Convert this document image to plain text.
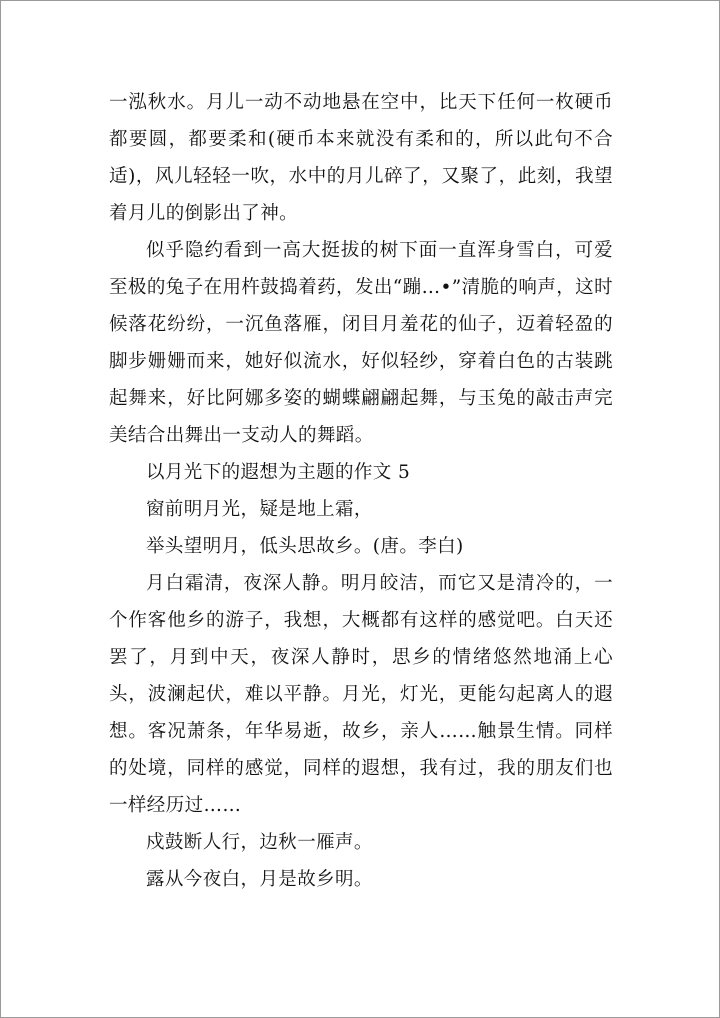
一泓秋水。月儿一动不动地悬在空中，比天下任何一枚硬币都要圆，都要柔和(硬币本来就没有柔和的，所以此句不合适)，风儿轻轻一吹，水中的月儿碎了，又聚了，此刻，我望着月儿的倒影出了神。

似乎隐约看到一高大挺拔的树下面一直浑身雪白，可爱至极的兔子在用杵鼓捣着药，发出“蹦…•”清脆的响声，这时候落花纷纷，一沉鱼落雁，闭目月羞花的仙子，迈着轻盈的脚步姗姗而来，她好似流水，好似轻纱，穿着白色的古装跳起舞来，好比阿娜多姿的蝴蝶翩翩起舞，与玉兔的敲击声完美结合出舞出一支动人的舞蹈。

以月光下的遐想为主题的作文 5

窗前明月光，疑是地上霜，

举头望明月，低头思故乡。(唐。李白)

月白霜清，夜深人静。明月皎洁，而它又是清冷的，一个作客他乡的游子，我想，大概都有这样的感觉吧。白天还罢了，月到中天，夜深人静时，思乡的情绪悠然地涌上心头，波澜起伏，难以平静。月光，灯光，更能勾起离人的遐想。客况萧条，年华易逝，故乡，亲人……触景生情。同样的处境，同样的感觉，同样的遐想，我有过，我的朋友们也一样经历过……

戍鼓断人行，边秋一雁声。

露从今夜白，月是故乡明。
